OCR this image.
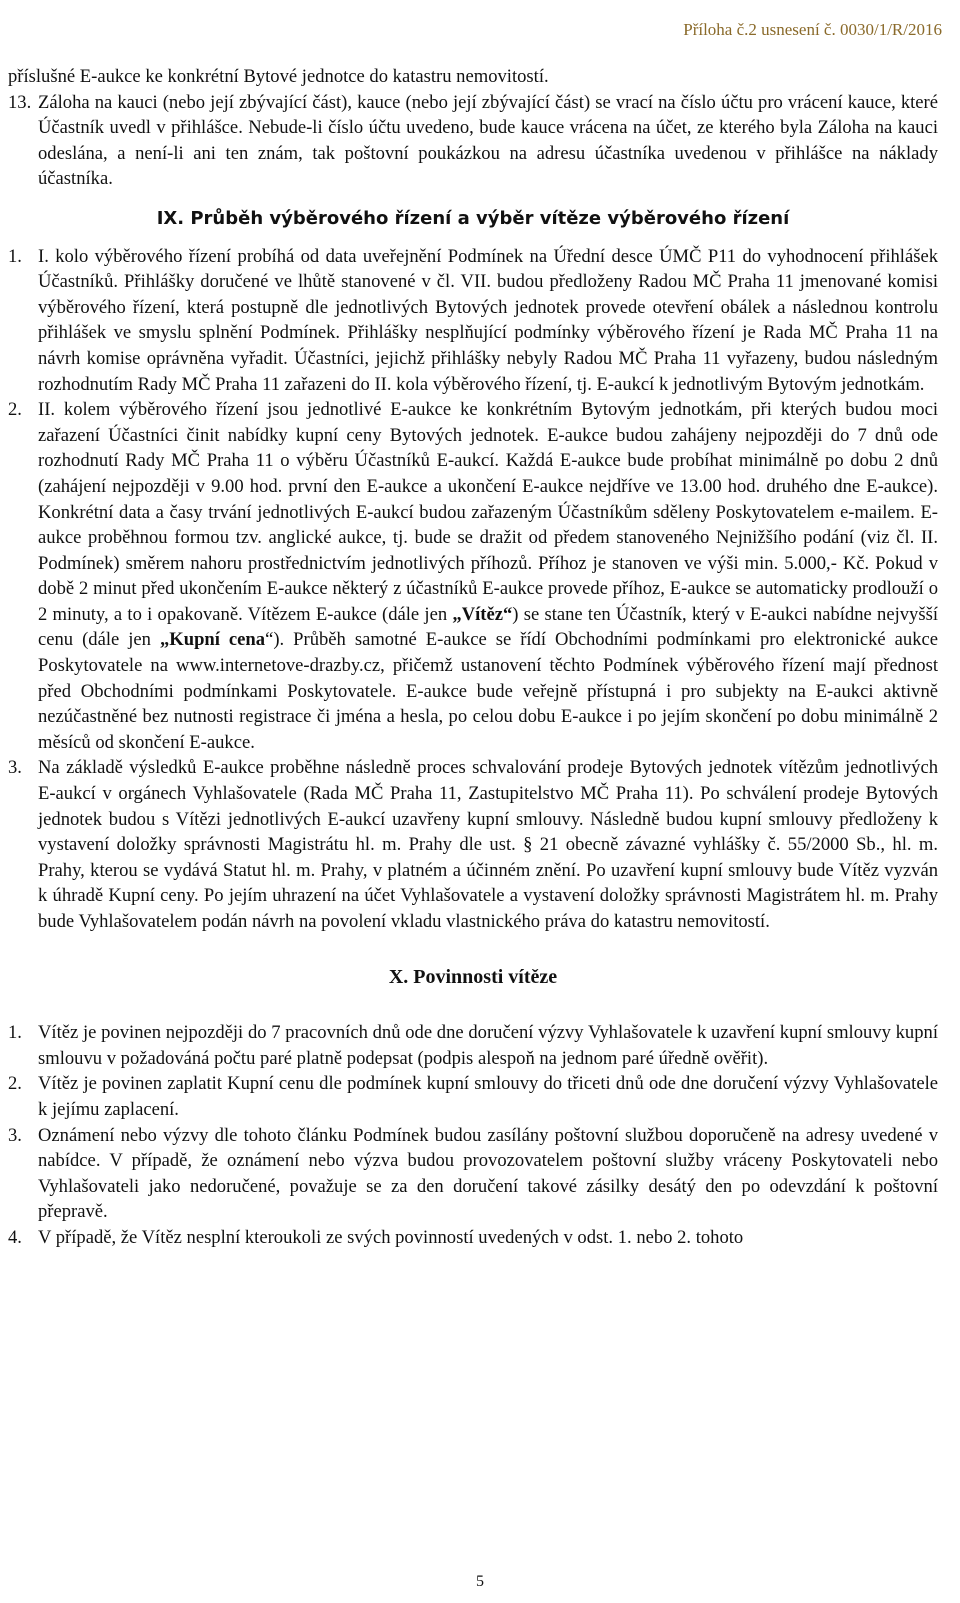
Příloha č.2 usnesení č. 0030/1/R/2016
příslušné E-aukce ke konkrétní Bytové jednotce do katastru nemovitostí.
13. Záloha na kauci (nebo její zbývající část), kauce (nebo její zbývající část) se vrací na číslo účtu pro vrácení kauce, které Účastník uvedl v přihlášce. Nebude-li číslo účtu uvedeno, bude kauce vrácena na účet, ze kterého byla Záloha na kauci odeslána, a není-li ani ten znám, tak poštovní poukázkou na adresu účastníka uvedenou v přihlášce na náklady účastníka.
IX. Průběh výběrového řízení a výběr vítěze výběrového řízení
1. I. kolo výběrového řízení probíhá od data uveřejnění Podmínek na Úřední desce ÚMČ P11 do vyhodnocení přihlášek Účastníků. Přihlášky doručené ve lhůtě stanovené v čl. VII. budou předloženy Radou MČ Praha 11 jmenované komisi výběrového řízení, která postupně dle jednotlivých Bytových jednotek provede otevření obálek a následnou kontrolu přihlášek ve smyslu splnění Podmínek. Přihlášky nesplňující podmínky výběrového řízení je Rada MČ Praha 11 na návrh komise oprávněna vyřadit. Účastníci, jejichž přihlášky nebyly Radou MČ Praha 11 vyřazeny, budou následným rozhodnutím Rady MČ Praha 11 zařazeni do II. kola výběrového řízení, tj. E-aukcí k jednotlivým Bytovým jednotkám.
2. II. kolem výběrového řízení jsou jednotlivé E-aukce ke konkrétním Bytovým jednotkám, při kterých budou moci zařazení Účastníci činit nabídky kupní ceny Bytových jednotek. E-aukce budou zahájeny nejpozději do 7 dnů ode rozhodnutí Rady MČ Praha 11 o výběru Účastníků E-aukcí. Každá E-aukce bude probíhat minimálně po dobu 2 dnů (zahájení nejpozději v 9.00 hod. první den E-aukce a ukončení E-aukce nejdříve ve 13.00 hod. druhého dne E-aukce). Konkrétní data a časy trvání jednotlivých E-aukcí budou zařazeným Účastníkům sděleny Poskytovatelem e-mailem. E-aukce proběhnou formou tzv. anglické aukce, tj. bude se dražit od předem stanoveného Nejnižšího podání (viz čl. II. Podmínek) směrem nahoru prostřednictvím jednotlivých příhozů. Příhoz je stanoven ve výši min. 5.000,- Kč. Pokud v době 2 minut před ukončením E-aukce některý z účastníků E-aukce provede příhoz, E-aukce se automaticky prodlouží o 2 minuty, a to i opakovaně. Vítězem E-aukce (dále jen „Vítěz“) se stane ten Účastník, který v E-aukci nabídne nejvyšší cenu (dále jen „Kupní cena“). Průběh samotné E-aukce se řídí Obchodními podmínkami pro elektronické aukce Poskytovatele na www.internetove-drazby.cz, přičemž ustanovení těchto Podmínek výběrového řízení mají přednost před Obchodními podmínkami Poskytovatele. E-aukce bude veřejně přístupná i pro subjekty na E-aukci aktivně nezúčastněné bez nutnosti registrace či jména a hesla, po celou dobu E-aukce i po jejím skončení po dobu minimálně 2 měsíců od skončení E-aukce.
3. Na základě výsledků E-aukce proběhne následně proces schvalování prodeje Bytových jednotek vítězům jednotlivých E-aukcí v orgánech Vyhlašovatele (Rada MČ Praha 11, Zastupitelstvo MČ Praha 11). Po schválení prodeje Bytových jednotek budou s Vítězi jednotlivých E-aukcí uzavřeny kupní smlouvy. Následně budou kupní smlouvy předloženy k vystavení doložky správnosti Magistrátu hl. m. Prahy dle ust. § 21 obecně závazné vyhlášky č. 55/2000 Sb., hl. m. Prahy, kterou se vydává Statut hl. m. Prahy, v platném a účinném znění. Po uzavření kupní smlouvy bude Vítěz vyzván k úhradě Kupní ceny. Po jejím uhrazení na účet Vyhlašovatele a vystavení doložky správnosti Magistrátem hl. m. Prahy bude Vyhlašovatelem podán návrh na povolení vkladu vlastnického práva do katastru nemovitostí.
X. Povinnosti vítěze
1. Vítěz je povinen nejpozději do 7 pracovních dnů ode dne doručení výzvy Vyhlašovatele k uzavření kupní smlouvy kupní smlouvu v požadováná počtu paré platně podepsat (podpis alespoň na jednom paré úředně ověřit).
2. Vítěz je povinen zaplatit Kupní cenu dle podmínek kupní smlouvy do třiceti dnů ode dne doručení výzvy Vyhlašovatele k jejímu zaplacení.
3. Oznámení nebo výzvy dle tohoto článku Podmínek budou zasílány poštovní službou doporučeně na adresy uvedené v nabídce. V případě, že oznámení nebo výzva budou provozovatelem poštovní služby vráceny Poskytovateli nebo Vyhlašovateli jako nedoručené, považuje se za den doručení takové zásilky desátý den po odevzdání k poštovní přepravě.
4. V případě, že Vítěz nesplní kteroukoli ze svých povinností uvedených v odst. 1. nebo 2. tohoto
5
